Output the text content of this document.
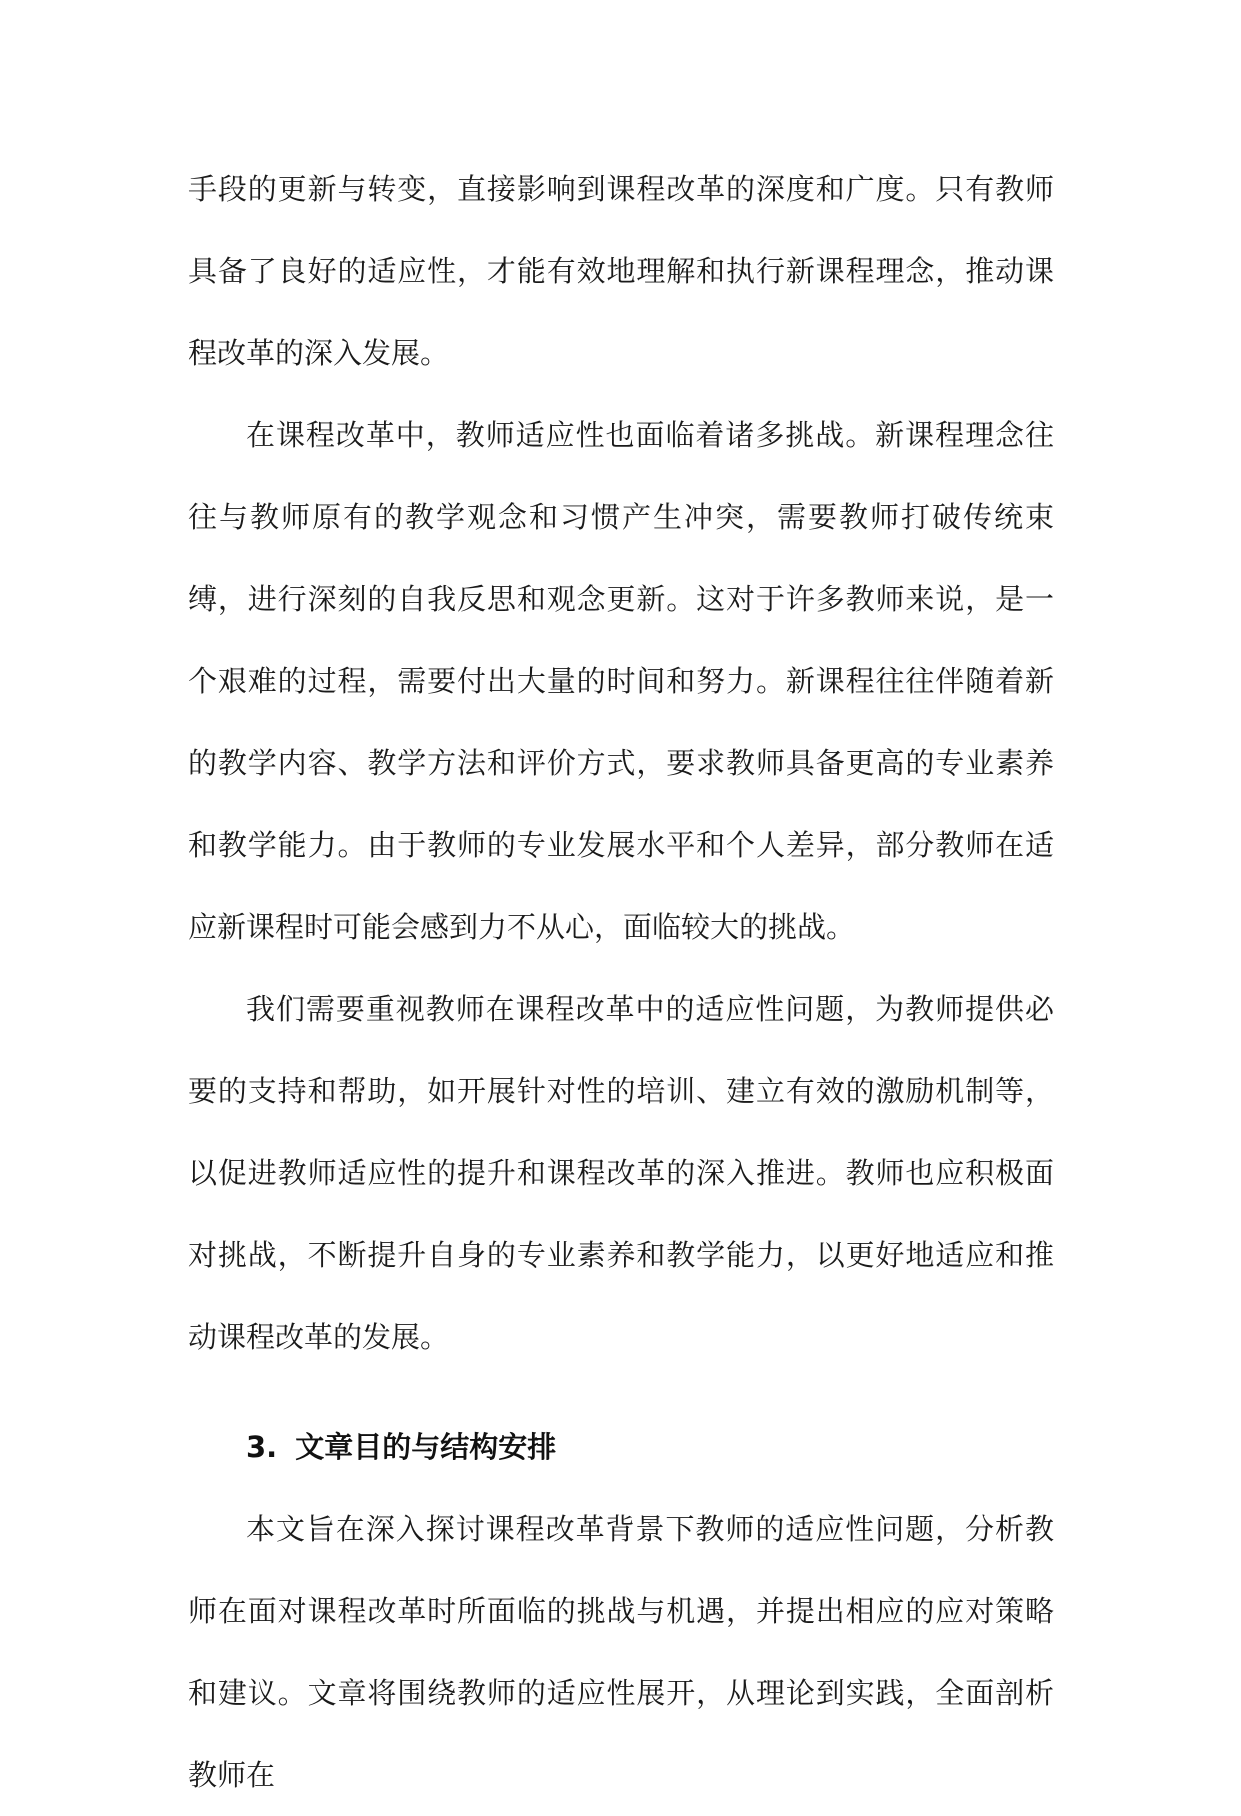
手段的更新与转变，直接影响到课程改革的深度和广度。只有教师具备了良好的适应性，才能有效地理解和执行新课程理念，推动课程改革的深入发展。

在课程改革中，教师适应性也面临着诸多挑战。新课程理念往往与教师原有的教学观念和习惯产生冲突，需要教师打破传统束缚，进行深刻的自我反思和观念更新。这对于许多教师来说，是一个艰难的过程，需要付出大量的时间和努力。新课程往往伴随着新的教学内容、教学方法和评价方式，要求教师具备更高的专业素养和教学能力。由于教师的专业发展水平和个人差异，部分教师在适应新课程时可能会感到力不从心，面临较大的挑战。

我们需要重视教师在课程改革中的适应性问题，为教师提供必要的支持和帮助，如开展针对性的培训、建立有效的激励机制等，以促进教师适应性的提升和课程改革的深入推进。教师也应积极面对挑战，不断提升自身的专业素养和教学能力，以更好地适应和推动课程改革的发展。

3. 文章目的与结构安排

本文旨在深入探讨课程改革背景下教师的适应性问题，分析教师在面对课程改革时所面临的挑战与机遇，并提出相应的应对策略和建议。文章将围绕教师的适应性展开，从理论到实践，全面剖析教师在
